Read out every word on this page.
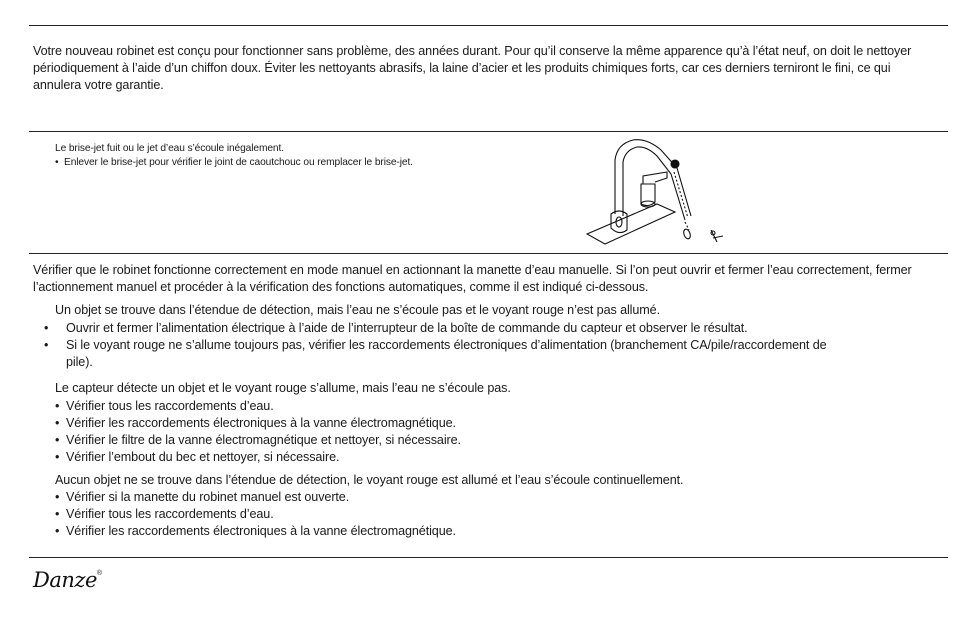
Votre nouveau robinet est conçu pour fonctionner sans problème, des années durant. Pour qu’il conserve la même apparence qu’à l’état neuf, on doit le nettoyer périodiquement à l’aide d’un chiffon doux. Éviter les nettoyants abrasifs, la laine d’acier et les produits chimiques forts, car ces derniers terniront le fini, ce qui annulera votre garantie.

Le brise-jet fuit ou le jet d’eau s’écoule inégalement.

• Enlever le brise-jet pour vérifier le joint de caoutchouc ou remplacer le brise-jet.

Vérifier que le robinet fonctionne correctement en mode manuel en actionnant la manette d’eau manuelle. Si l’on peut ouvrir et fermer l’eau correctement, fermer l’actionnement manuel et procéder à la vérification des fonctions automatiques, comme il est indiqué ci-dessous.

Un objet se trouve dans l’étendue de détection, mais l’eau ne s’écoule pas et le voyant rouge n’est pas allumé.

• Ouvrir et fermer l’alimentation électrique à l’aide de l’interrupteur de la boîte de commande du capteur et observer le résultat.

• Si le voyant rouge ne s’allume toujours pas, vérifier les raccordements électroniques d’alimentation (branchement CA/pile/raccordement de pile).

Le capteur détecte un objet et le voyant rouge s’allume, mais l’eau ne s’écoule pas.

• Vérifier tous les raccordements d’eau.

• Vérifier les raccordements électroniques à la vanne électromagnétique.

• Vérifier le filtre de la vanne électromagnétique et nettoyer, si nécessaire.

• Vérifier l’embout du bec et nettoyer, si nécessaire.

Aucun objet ne se trouve dans l’étendue de détection, le voyant rouge est allumé et l’eau s’écoule continuellement.

• Vérifier si la manette du robinet manuel est ouverte.

• Vérifier tous les raccordements d’eau.

• Vérifier les raccordements électroniques à la vanne électromagnétique.

Danze®
